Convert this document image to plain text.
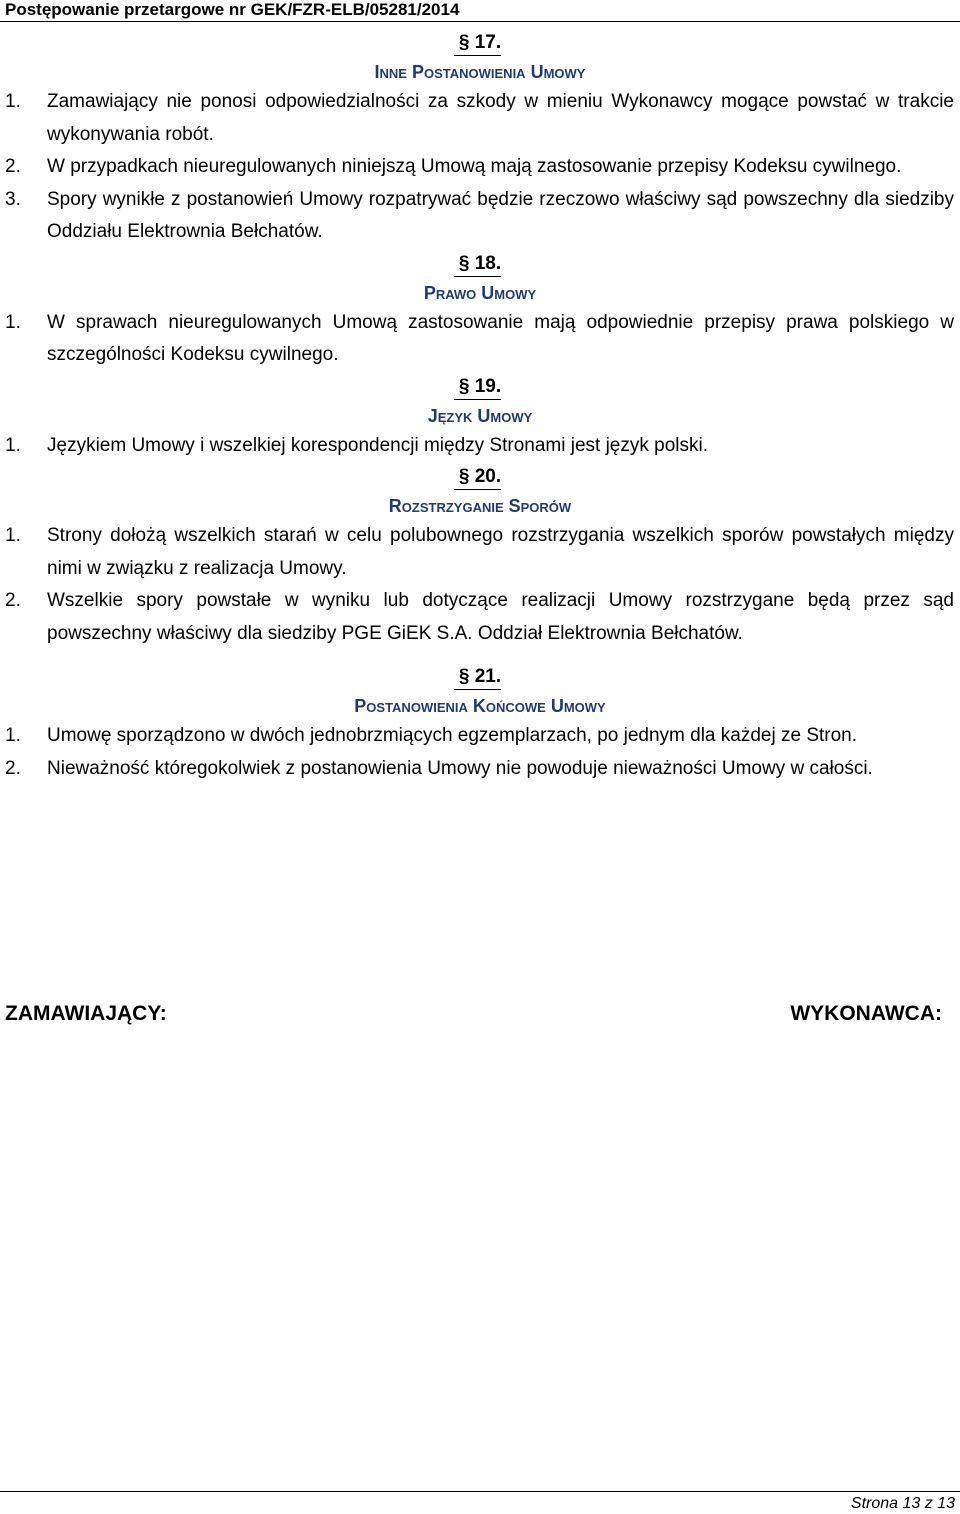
Postępowanie przetargowe nr GEK/FZR-ELB/05281/2014
§ 17.
Inne Postanowienia Umowy
1. Zamawiający nie ponosi odpowiedzialności za szkody w mieniu Wykonawcy mogące powstać w trakcie wykonywania robót.
2. W przypadkach nieuregulowanych niniejszą Umową mają zastosowanie przepisy Kodeksu cywilnego.
3. Spory wynikłe z postanowień Umowy rozpatrywać będzie rzeczowo właściwy sąd powszechny dla siedziby Oddziału Elektrownia Bełchatów.
§ 18.
Prawo Umowy
1. W sprawach nieuregulowanych Umową zastosowanie mają odpowiednie przepisy prawa polskiego w szczególności Kodeksu cywilnego.
§ 19.
Język Umowy
1. Językiem Umowy i wszelkiej korespondencji między Stronami jest język polski.
§ 20.
Rozstrzyganie Sporów
1. Strony dołożą wszelkich starań w celu polubownego rozstrzygania wszelkich sporów powstałych między nimi w związku z realizacja Umowy.
2. Wszelkie spory powstałe w wyniku lub dotyczące realizacji Umowy rozstrzygane będą przez sąd powszechny właściwy dla siedziby PGE GiEK S.A. Oddział Elektrownia Bełchatów.
§ 21.
Postanowienia Końcowe Umowy
1. Umowę sporządzono w dwóch jednobrzmiących egzemplarzach, po jednym dla każdej ze Stron.
2. Nieważność któregokolwiek z postanowienia Umowy nie powoduje nieważności Umowy w całości.
ZAMAWIAJĄCY:	WYKONAWCA:
Strona 13 z 13
